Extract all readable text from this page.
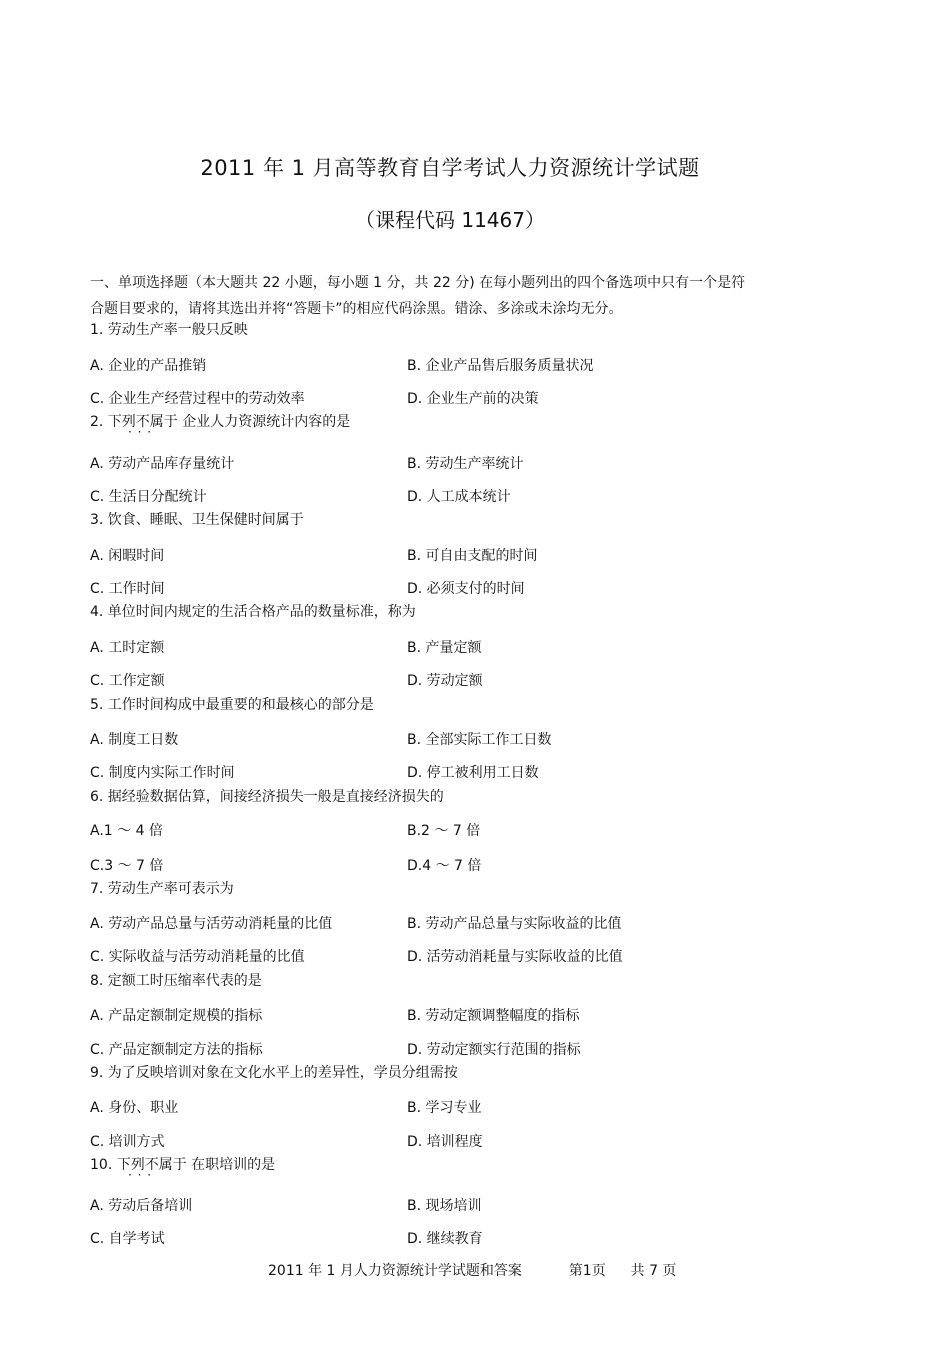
2011 年 1 月高等教育自学考试人力资源统计学试题
（课程代码 11467）
一、单项选择题（本大题共 22 小题，每小题 1 分，共 22 分) 在每小题列出的四个备选项中只有一个是符
合题目要求的，请将其选出并将“答题卡”的相应代码涂黑。错涂、多涂或未涂均无分。
1. 劳动生产率一般只反映
A. 企业的产品推销	B. 企业产品售后服务质量状况
C. 企业生产经营过程中的劳动效率	D. 企业生产前的决策
2. 下列不属于 企业人力资源统计内容的是 · · ·
A. 劳动产品库存量统计	B. 劳动生产率统计
C. 生活日分配统计	D. 人工成本统计
3. 饮食、睡眠、卫生保健时间属于
A. 闲暇时间	B. 可自由支配的时间
C. 工作时间	D. 必须支付的时间
4. 单位时间内规定的生活合格产品的数量标准，称为
A. 工时定额	B. 产量定额
C. 工作定额	D. 劳动定额
5. 工作时间构成中最重要的和最核心的部分是
A. 制度工日数	B. 全部实际工作工日数
C. 制度内实际工作时间	D. 停工被利用工日数
6. 据经验数据估算，间接经济损失一般是直接经济损失的
A.1 ～ 4 倍	B.2 ～ 7 倍
C.3 ～ 7 倍	D.4 ～ 7 倍
7. 劳动生产率可表示为
A. 劳动产品总量与活劳动消耗量的比值	B. 劳动产品总量与实际收益的比值
C. 实际收益与活劳动消耗量的比值	D. 活劳动消耗量与实际收益的比值
8. 定额工时压缩率代表的是
A. 产品定额制定规模的指标	B. 劳动定额调整幅度的指标
C. 产品定额制定方法的指标	D. 劳动定额实行范围的指标
9. 为了反映培训对象在文化水平上的差异性，学员分组需按
A. 身份、职业	B. 学习专业
C. 培训方式	D. 培训程度
10. 下列不属于 在职培训的是 · · ·
A. 劳动后备培训	B. 现场培训
C. 自学考试	D. 继续教育
2011 年 1 月人力资源统计学试题和答案	第1页 共 7 页
